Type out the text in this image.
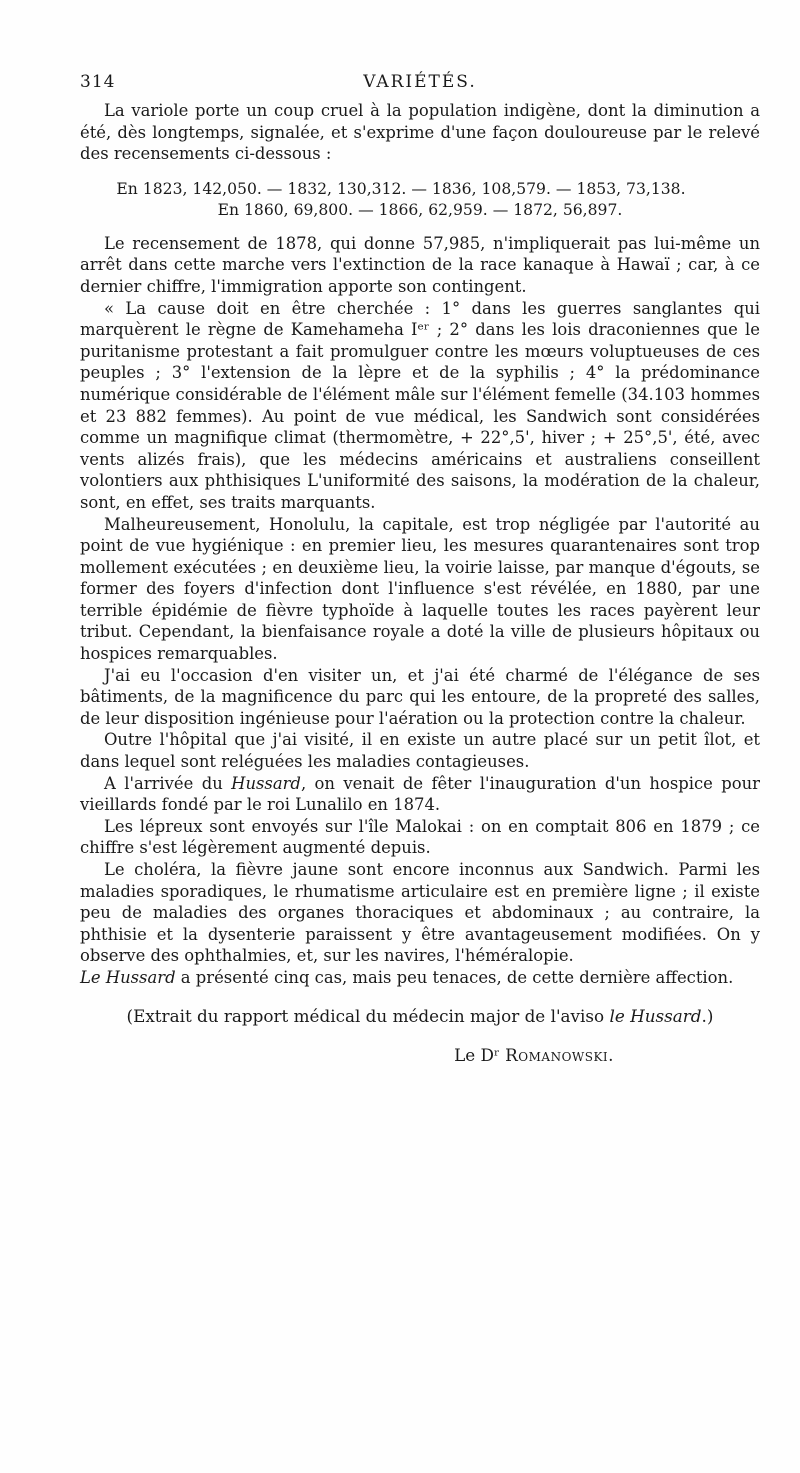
314	VARIÉTÉS.

La variole porte un coup cruel à la population indigène, dont la diminution a été, dès longtemps, signalée, et s'exprime d'une façon douloureuse par le relevé des recensements ci-dessous :

En 1823, 142,050. — 1832, 130,312. — 1836, 108,579. — 1853, 73,138.
En 1860, 69,800. — 1866, 62,959. — 1872, 56,897.

Le recensement de 1878, qui donne 57,985, n'impliquerait pas lui-même un arrêt dans cette marche vers l'extinction de la race kanaque à Hawaï ; car, à ce dernier chiffre, l'immigration apporte son contingent.

« La cause doit en être cherchée : 1° dans les guerres sanglantes qui marquèrent le règne de Kamehameha Iᵉʳ ; 2° dans les lois draconiennes que le puritanisme protestant a fait promulguer contre les mœurs voluptueuses de ces peuples ; 3° l'extension de la lèpre et de la syphilis ; 4° la prédominance numérique considérable de l'élément mâle sur l'élément femelle (34.103 hommes et 23 882 femmes). Au point de vue médical, les Sandwich sont considérées comme un magnifique climat (thermomètre, + 22°,5', hiver ; + 25°,5', été, avec vents alizés frais), que les médecins américains et australiens conseillent volontiers aux phthisiques L'uniformité des saisons, la modération de la chaleur, sont, en effet, ses traits marquants.

Malheureusement, Honolulu, la capitale, est trop négligée par l'autorité au point de vue hygiénique : en premier lieu, les mesures quarantenaires sont trop mollement exécutées ; en deuxième lieu, la voirie laisse, par manque d'égouts, se former des foyers d'infection dont l'influence s'est révélée, en 1880, par une terrible épidémie de fièvre typhoïde à laquelle toutes les races payèrent leur tribut. Cependant, la bienfaisance royale a doté la ville de plusieurs hôpitaux ou hospices remarquables.

J'ai eu l'occasion d'en visiter un, et j'ai été charmé de l'élégance de ses bâtiments, de la magnificence du parc qui les entoure, de la propreté des salles, de leur disposition ingénieuse pour l'aération ou la protection contre la chaleur.

Outre l'hôpital que j'ai visité, il en existe un autre placé sur un petit îlot, et dans lequel sont reléguées les maladies contagieuses.

A l'arrivée du Hussard, on venait de fêter l'inauguration d'un hospice pour vieillards fondé par le roi Lunalilo en 1874.

Les lépreux sont envoyés sur l'île Malokai : on en comptait 806 en 1879 ; ce chiffre s'est légèrement augmenté depuis.

Le choléra, la fièvre jaune sont encore inconnus aux Sandwich. Parmi les maladies sporadiques, le rhumatisme articulaire est en première ligne ; il existe peu de maladies des organes thoraciques et abdominaux ; au contraire, la phthisie et la dysenterie paraissent y être avantageusement modifiées. On y observe des ophthalmies, et, sur les navires, l'héméralopie.

Le Hussard a présenté cinq cas, mais peu tenaces, de cette dernière affection.

(Extrait du rapport médical du médecin major de l'aviso le Hussard.)

Le Dʳ Romanowski.
